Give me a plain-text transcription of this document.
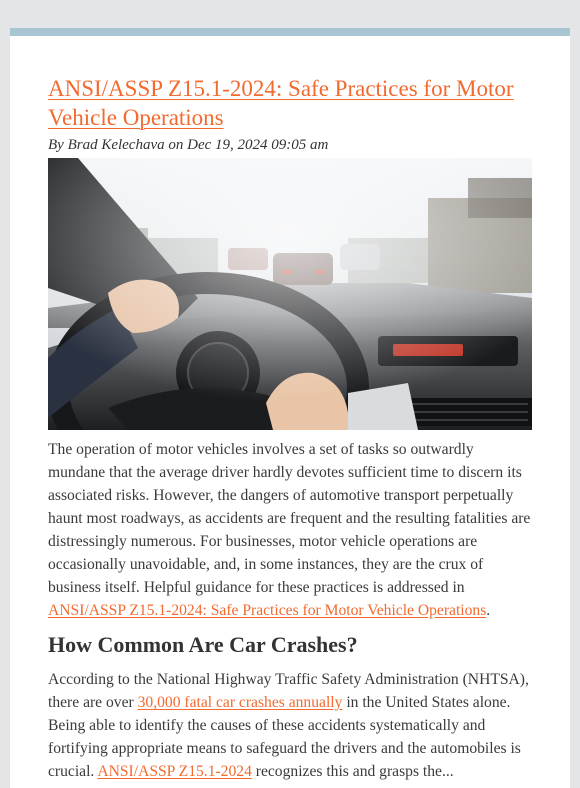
ANSI/ASSP Z15.1-2024: Safe Practices for Motor Vehicle Operations

By Brad Kelechava on Dec 19, 2024 09:05 am

The operation of motor vehicles involves a set of tasks so outwardly mundane that the average driver hardly devotes sufficient time to discern its associated risks. However, the dangers of automotive transport perpetually haunt most roadways, as accidents are frequent and the resulting fatalities are distressingly numerous. For businesses, motor vehicle operations are occasionally unavoidable, and, in some instances, they are the crux of business itself. Helpful guidance for these practices is addressed in ANSI/ASSP Z15.1-2024: Safe Practices for Motor Vehicle Operations.

How Common Are Car Crashes?

According to the National Highway Traffic Safety Administration (NHTSA), there are over 30,000 fatal car crashes annually in the United States alone. Being able to identify the causes of these accidents systematically and fortifying appropriate means to safeguard the drivers and the automobiles is crucial. ANSI/ASSP Z15.1-2024 recognizes this and grasps the...
